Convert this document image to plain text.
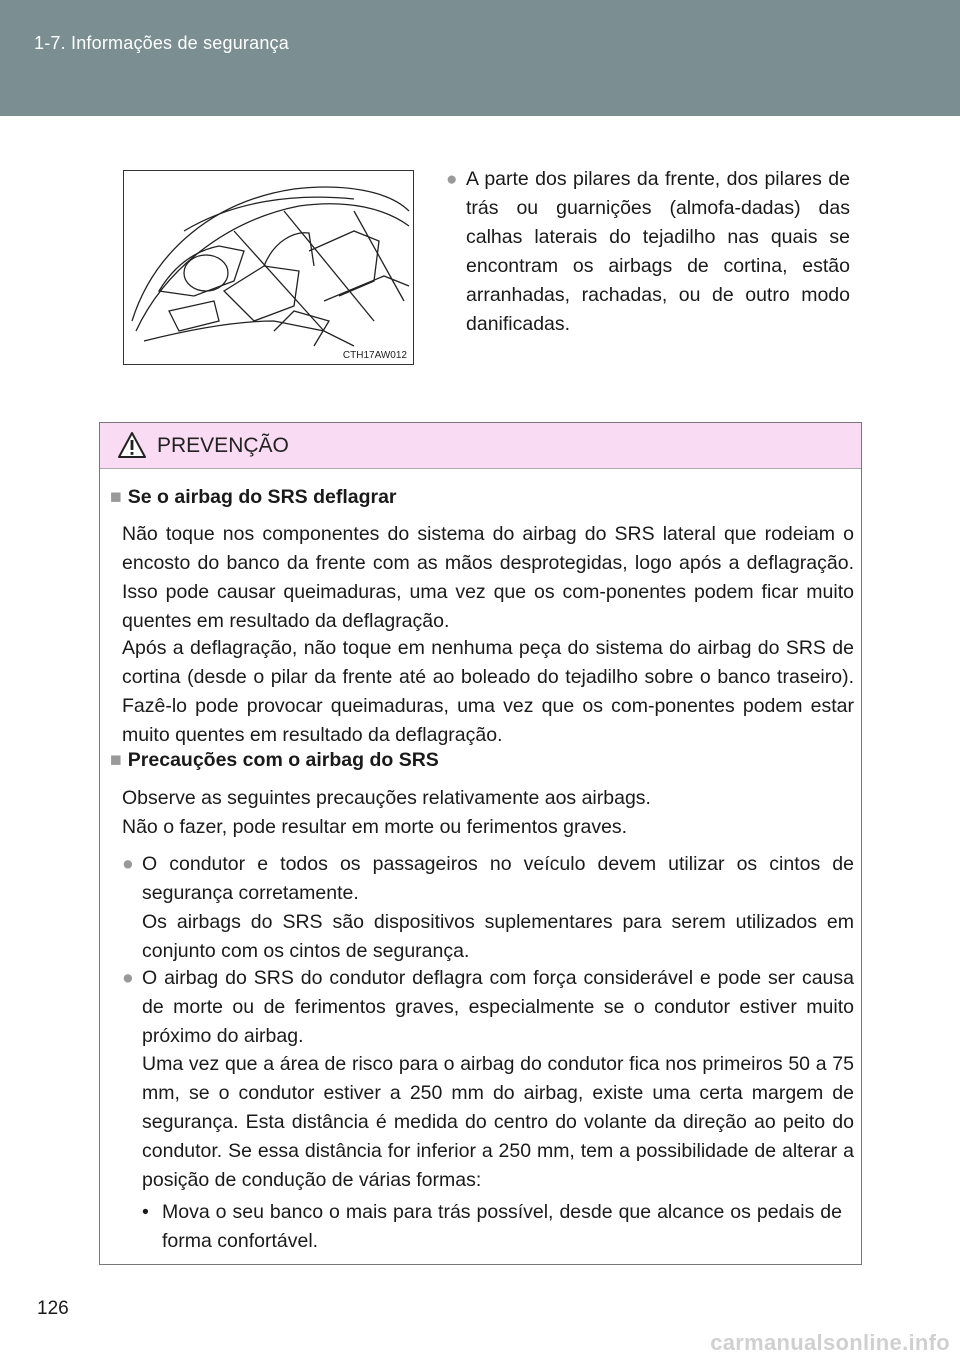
1-7. Informações de segurança
CTH17AW012
● A parte dos pilares da frente, dos pilares de trás ou guarnições (almofa-dadas) das calhas laterais do tejadilho nas quais se encontram os airbags de cortina, estão arranhadas, rachadas, ou de outro modo danificadas.
PREVENÇÃO
■ Se o airbag do SRS deflagrar
Não toque nos componentes do sistema do airbag do SRS lateral que rodeiam o encosto do banco da frente com as mãos desprotegidas, logo após a deflagração. Isso pode causar queimaduras, uma vez que os com-ponentes podem ficar muito quentes em resultado da deflagração.
Após a deflagração, não toque em nenhuma peça do sistema do airbag do SRS de cortina (desde o pilar da frente até ao boleado do tejadilho sobre o banco traseiro). Fazê-lo pode provocar queimaduras, uma vez que os com-ponentes podem estar muito quentes em resultado da deflagração.
■ Precauções com o airbag do SRS
Observe as seguintes precauções relativamente aos airbags.
Não o fazer, pode resultar em morte ou ferimentos graves.
● O condutor e todos os passageiros no veículo devem utilizar os cintos de segurança corretamente.
Os airbags do SRS são dispositivos suplementares para serem utilizados em conjunto com os cintos de segurança.
● O airbag do SRS do condutor deflagra com força considerável e pode ser causa de morte ou de ferimentos graves, especialmente se o condutor estiver muito próximo do airbag.
Uma vez que a área de risco para o airbag do condutor fica nos primeiros 50 a 75 mm, se o condutor estiver a 250 mm do airbag, existe uma certa margem de segurança. Esta distância é medida do centro do volante da direção ao peito do condutor. Se essa distância for inferior a 250 mm, tem a possibilidade de alterar a posição de condução de várias formas:
• Mova o seu banco o mais para trás possível, desde que alcance os pedais de forma confortável.
126
carmanualsonline.info
